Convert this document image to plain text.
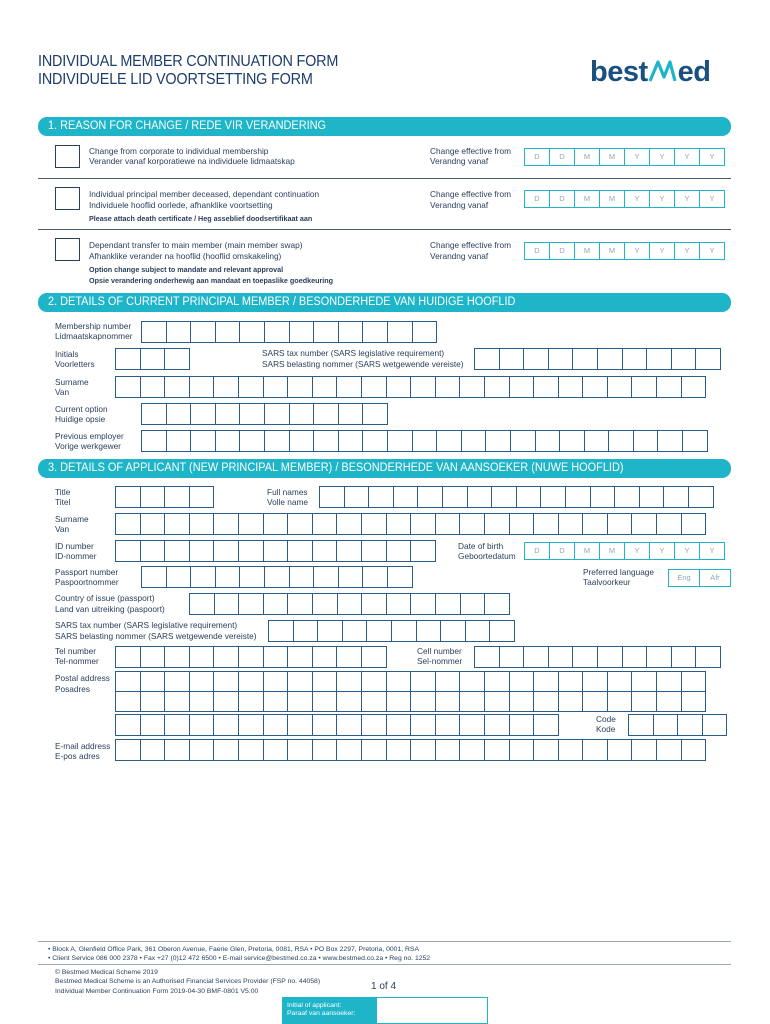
INDIVIDUAL MEMBER CONTINUATION FORM
INDIVIDUELE LID VOORTSETTING FORM	best ed
1. REASON FOR CHANGE / REDE VIR VERANDERING
Change from corporate to individual membership
Verander vanaf korporatiewe na individuele lidmaatskap
Change effective from
Verandng vanaf	D	D	M	M	Y	Y	Y	Y
Individual principal member deceased, dependant continuation
Individuele hooflid oorlede, afhanklike voortsetting
Please attach death certificate / Heg asseblief doodsertifikaat aan
Change effective from
Verandng vanaf
D	D	M	M	Y	Y	Y	Y
Dependant transfer to main member (main member swap)
Afhanklike verander na hooflid (hooflid omskakeling)
Option change subject to mandate and relevant approval
Opsie verandering onderhewig aan mandaat en toepaslike goedkeuring
Change effective from
Verandng vanaf
D	D	M	M	Y	Y	Y	Y
2. DETAILS OF CURRENT PRINCIPAL MEMBER / BESONDERHEDE VAN HUIDIGE HOOFLID
Membership number
Lidmaatskapnommer
Initials
Voorletters
SARS tax number (SARS legislative requirement)
SARS belasting nommer (SARS wetgewende vereiste)
Surname
Van
Current option
Huidige opsie
Previous employer
Vorige werkgewer
3. DETAILS OF APPLICANT (NEW PRINCIPAL MEMBER) / BESONDERHEDE VAN AANSOEKER (NUWE HOOFLID)
Title
Titel
Full names
Volle name
Surname
Van
ID number
ID-nommer
Date of birth
Geboortedatum
D	D	M	M	Y	Y	Y	Y
Passport number
Paspoortnommer
Preferred language
Taalvoorkeur	Eng	Afr
Country of issue (passport)
Land van uitreiking (paspoort)
SARS tax number (SARS legislative requirement)
SARS belasting nommer (SARS wetgewende vereiste)
Tel number
Tel-nommer
Cell number
Sel-nommer
Postal address
Posadres
Code
Kode
E-mail address
E-pos adres
• Block A, Glenfield Office Park, 361 Oberon Avenue, Faerie Glen, Pretoria, 0081, RSA • PO Box 2297, Pretoria, 0001, RSA
• Client Service 086 000 2378 • Fax +27 (0)12 472 6500 • E-mail service@bestmed.co.za • www.bestmed.co.za • Reg no. 1252
© Bestmed Medical Scheme 2019
Bestmed Medical Scheme is an Authorised Financial Services Provider (FSP no. 44058)
Individual Member Continuation Form 2019-04-30 BMF-0801 V5.00	1 of 4
Initial of applicant:
Paraaf van aansoeker:
